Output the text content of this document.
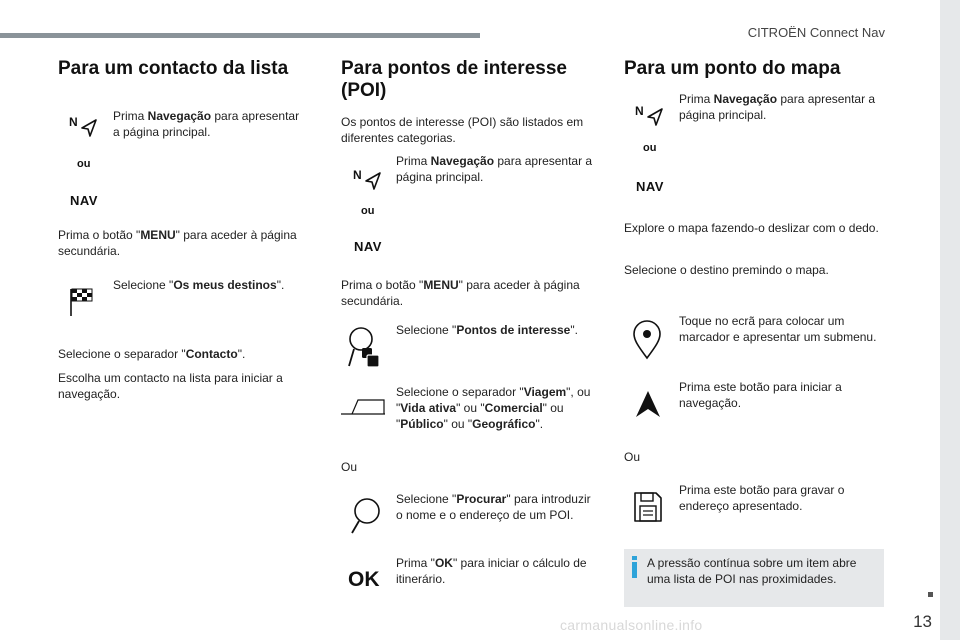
CITROËN Connect Nav
13
carmanualsonline.info
Para um contacto da lista
N	Prima Navegação para apresentar a página principal.
ou
NAV
Prima o botão "MENU" para aceder à página secundária.
Selecione "Os meus destinos".
Selecione o separador "Contacto".
Escolha um contacto na lista para iniciar a navegação.
Para pontos de interesse (POI)
Os pontos de interesse (POI) são listados em diferentes categorias.
N
Prima Navegação para apresentar a página principal.
ou
NAV
Prima o botão "MENU" para aceder à página secundária.
Selecione "Pontos de interesse".
Selecione o separador "Viagem", ou "Vida ativa" ou "Comercial" ou "Público" ou "Geográfico".
Ou
Selecione "Procurar" para introduzir o nome e o endereço de um POI.
OK
Prima "OK" para iniciar o cálculo de itinerário.
Para um ponto do mapa
N
Prima Navegação para apresentar a página principal.
ou
NAV
Explore o mapa fazendo-o deslizar com o dedo.
Selecione o destino premindo o mapa.
Toque no ecrã para colocar um marcador e apresentar um submenu.
Prima este botão para iniciar a navegação.
Ou
Prima este botão para gravar o endereço apresentado.
A pressão contínua sobre um item abre uma lista de POI nas proximidades.
